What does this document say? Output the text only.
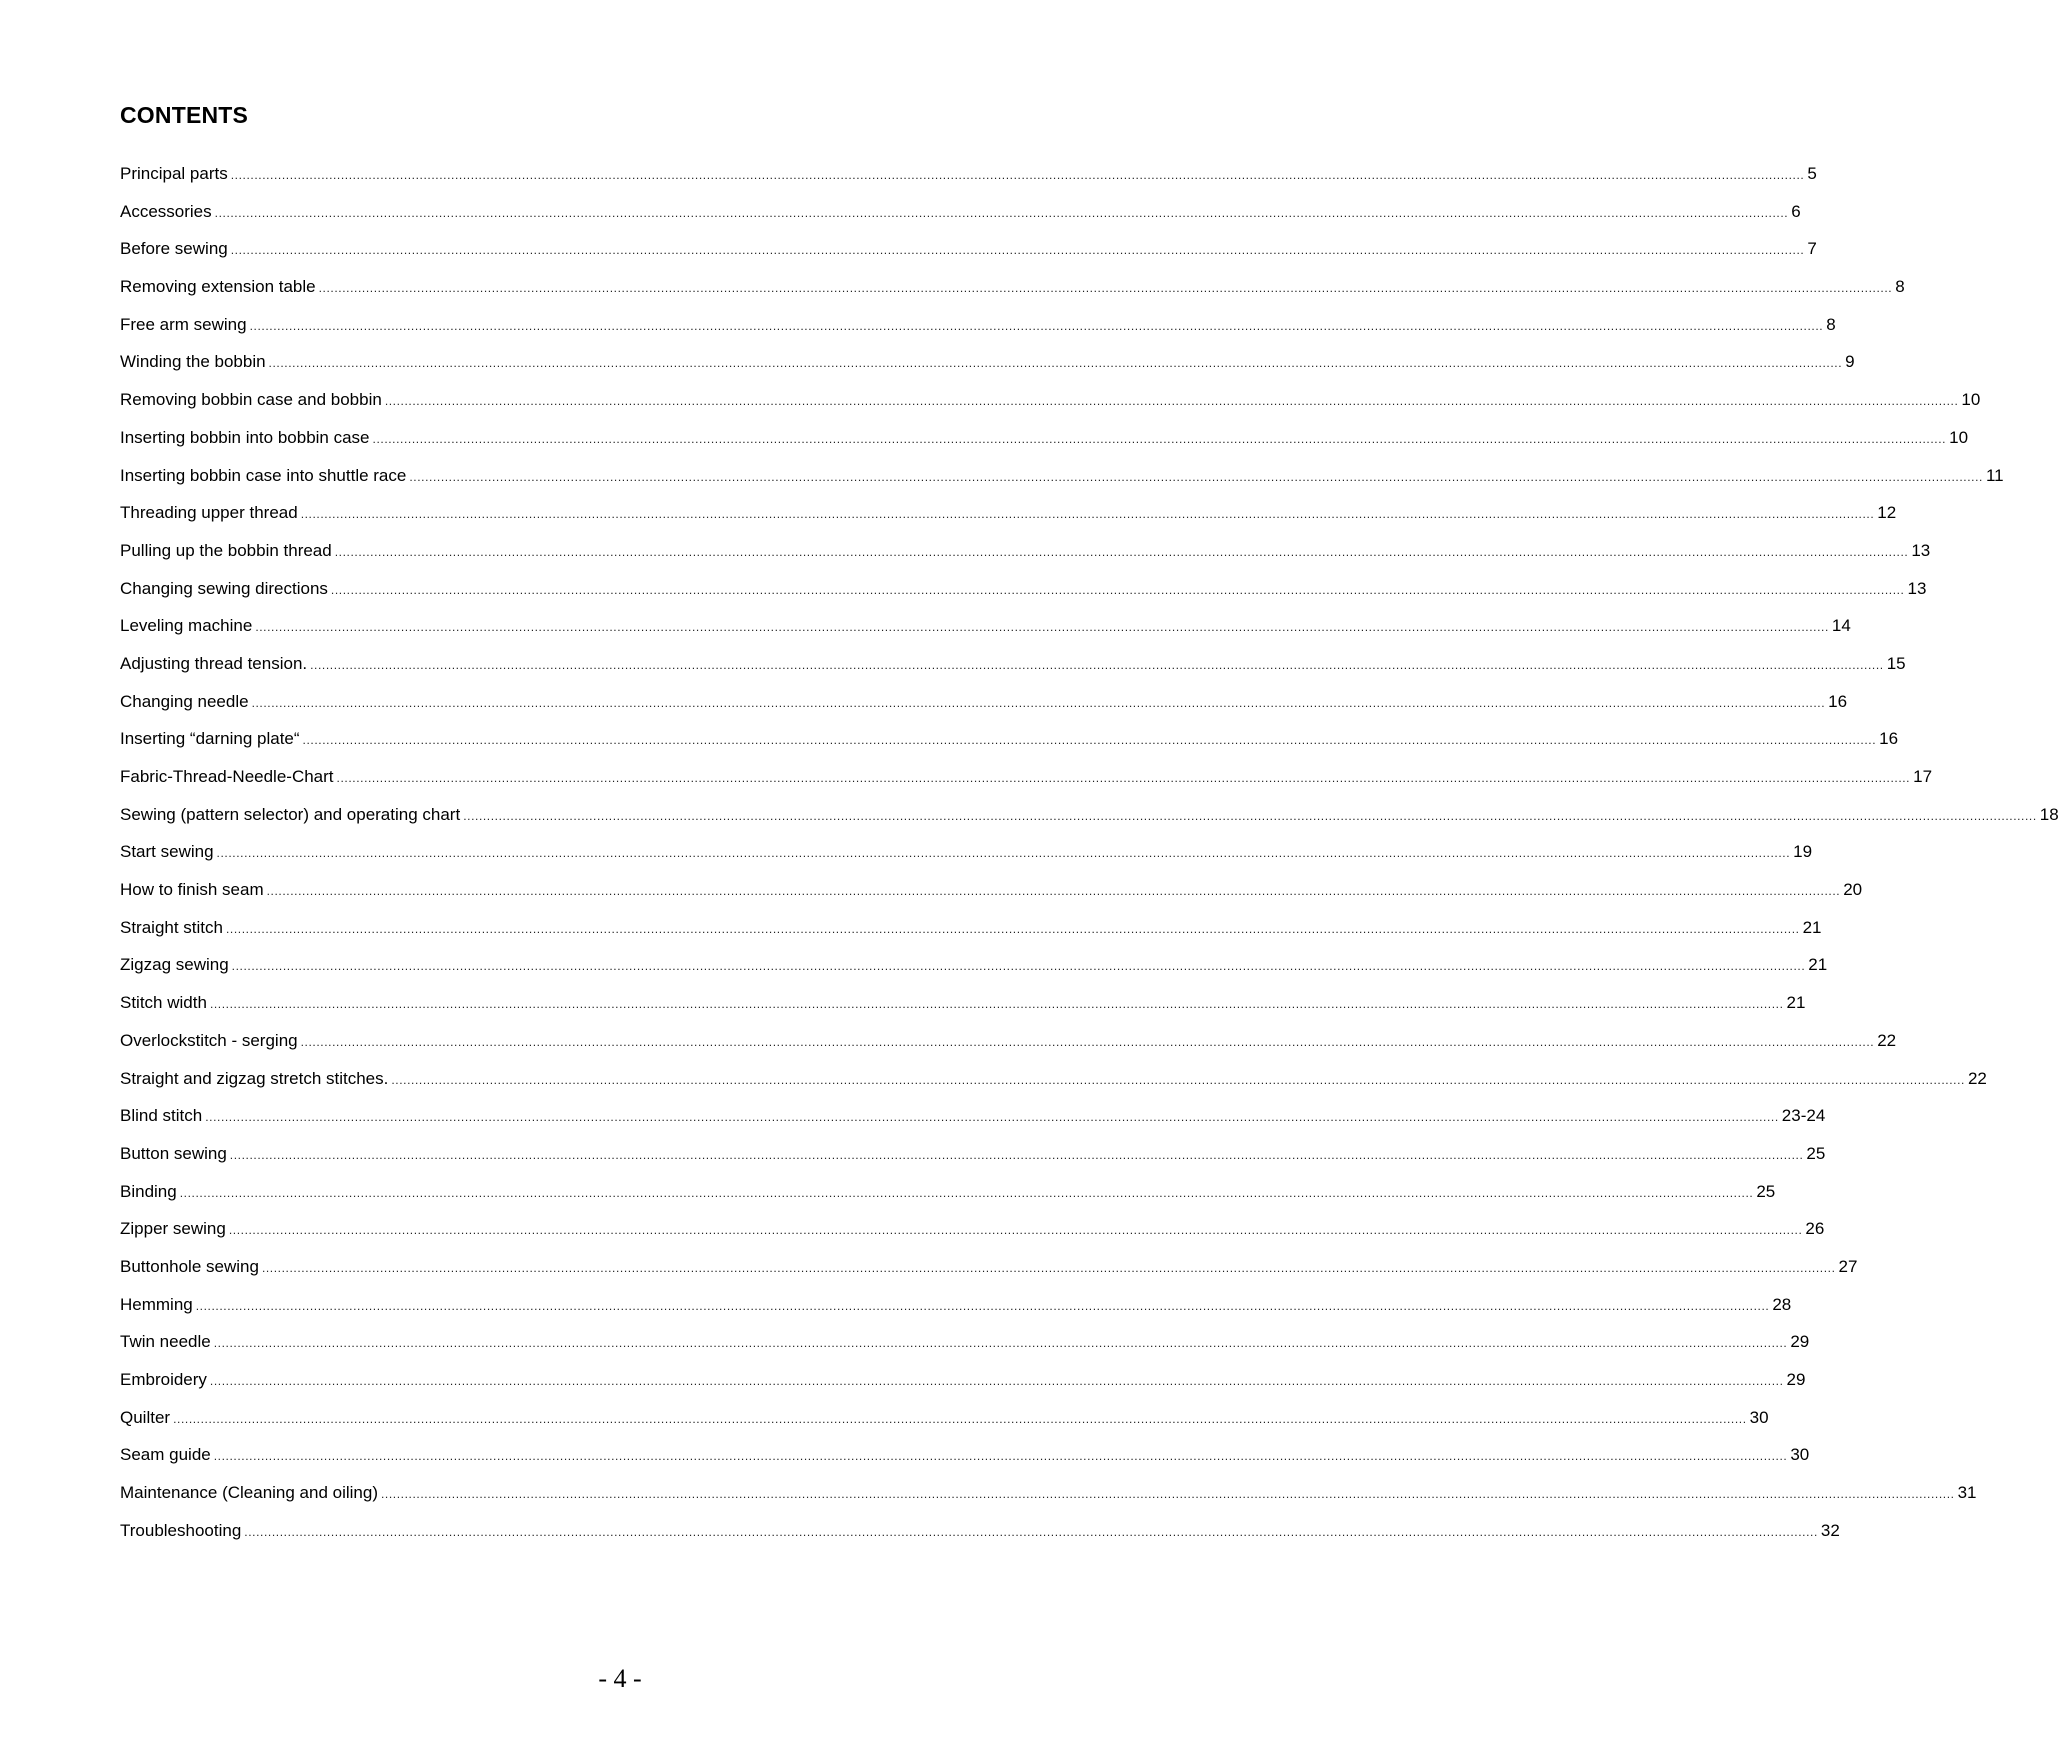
CONTENTS
Principal parts ................................................................................................................................................................................................................................................................................................................................................................................................................ 5
Accessories ................................................................................................................................................................................................................................................................................................................................................................................................................ 6
Before sewing ................................................................................................................................................................................................................................................................................................................................................................................................................ 7
Removing extension table ................................................................................................................................................................................................................................................................................................................................................................................................................ 8
Free arm sewing ................................................................................................................................................................................................................................................................................................................................................................................................................ 8
Winding the bobbin ................................................................................................................................................................................................................................................................................................................................................................................................................ 9
Removing bobbin case and bobbin ................................................................................................................................................................................................................................................................................................................................................................................................................ 10
Inserting bobbin into bobbin case ................................................................................................................................................................................................................................................................................................................................................................................................................ 10
Inserting bobbin case into shuttle race ................................................................................................................................................................................................................................................................................................................................................................................................................ 11
Threading upper thread ................................................................................................................................................................................................................................................................................................................................................................................................................ 12
Pulling up the bobbin thread ................................................................................................................................................................................................................................................................................................................................................................................................................ 13
Changing sewing directions ................................................................................................................................................................................................................................................................................................................................................................................................................ 13
Leveling machine ................................................................................................................................................................................................................................................................................................................................................................................................................ 14
Adjusting thread tension. ................................................................................................................................................................................................................................................................................................................................................................................................................ 15
Changing needle ................................................................................................................................................................................................................................................................................................................................................................................................................ 16
Inserting “darning plate“ ................................................................................................................................................................................................................................................................................................................................................................................................................ 16
Fabric-Thread-Needle-Chart ................................................................................................................................................................................................................................................................................................................................................................................................................ 17
Sewing (pattern selector) and operating chart ................................................................................................................................................................................................................................................................................................................................................................................................................ 18
Start sewing ................................................................................................................................................................................................................................................................................................................................................................................................................ 19
How to finish seam ................................................................................................................................................................................................................................................................................................................................................................................................................ 20
Straight stitch ................................................................................................................................................................................................................................................................................................................................................................................................................ 21
Zigzag sewing ................................................................................................................................................................................................................................................................................................................................................................................................................ 21
Stitch width ................................................................................................................................................................................................................................................................................................................................................................................................................ 21
Overlockstitch - serging ................................................................................................................................................................................................................................................................................................................................................................................................................ 22
Straight and zigzag stretch stitches. ................................................................................................................................................................................................................................................................................................................................................................................................................ 22
Blind stitch ................................................................................................................................................................................................................................................................................................................................................................................................................ 23-24
Button sewing ................................................................................................................................................................................................................................................................................................................................................................................................................ 25
Binding ................................................................................................................................................................................................................................................................................................................................................................................................................ 25
Zipper sewing ................................................................................................................................................................................................................................................................................................................................................................................................................ 26
Buttonhole sewing ................................................................................................................................................................................................................................................................................................................................................................................................................ 27
Hemming ................................................................................................................................................................................................................................................................................................................................................................................................................ 28
Twin needle ................................................................................................................................................................................................................................................................................................................................................................................................................ 29
Embroidery ................................................................................................................................................................................................................................................................................................................................................................................................................ 29
Quilter ................................................................................................................................................................................................................................................................................................................................................................................................................ 30
Seam guide ................................................................................................................................................................................................................................................................................................................................................................................................................ 30
Maintenance (Cleaning and oiling) ................................................................................................................................................................................................................................................................................................................................................................................................................ 31
Troubleshooting ................................................................................................................................................................................................................................................................................................................................................................................................................ 32
- 4 -
